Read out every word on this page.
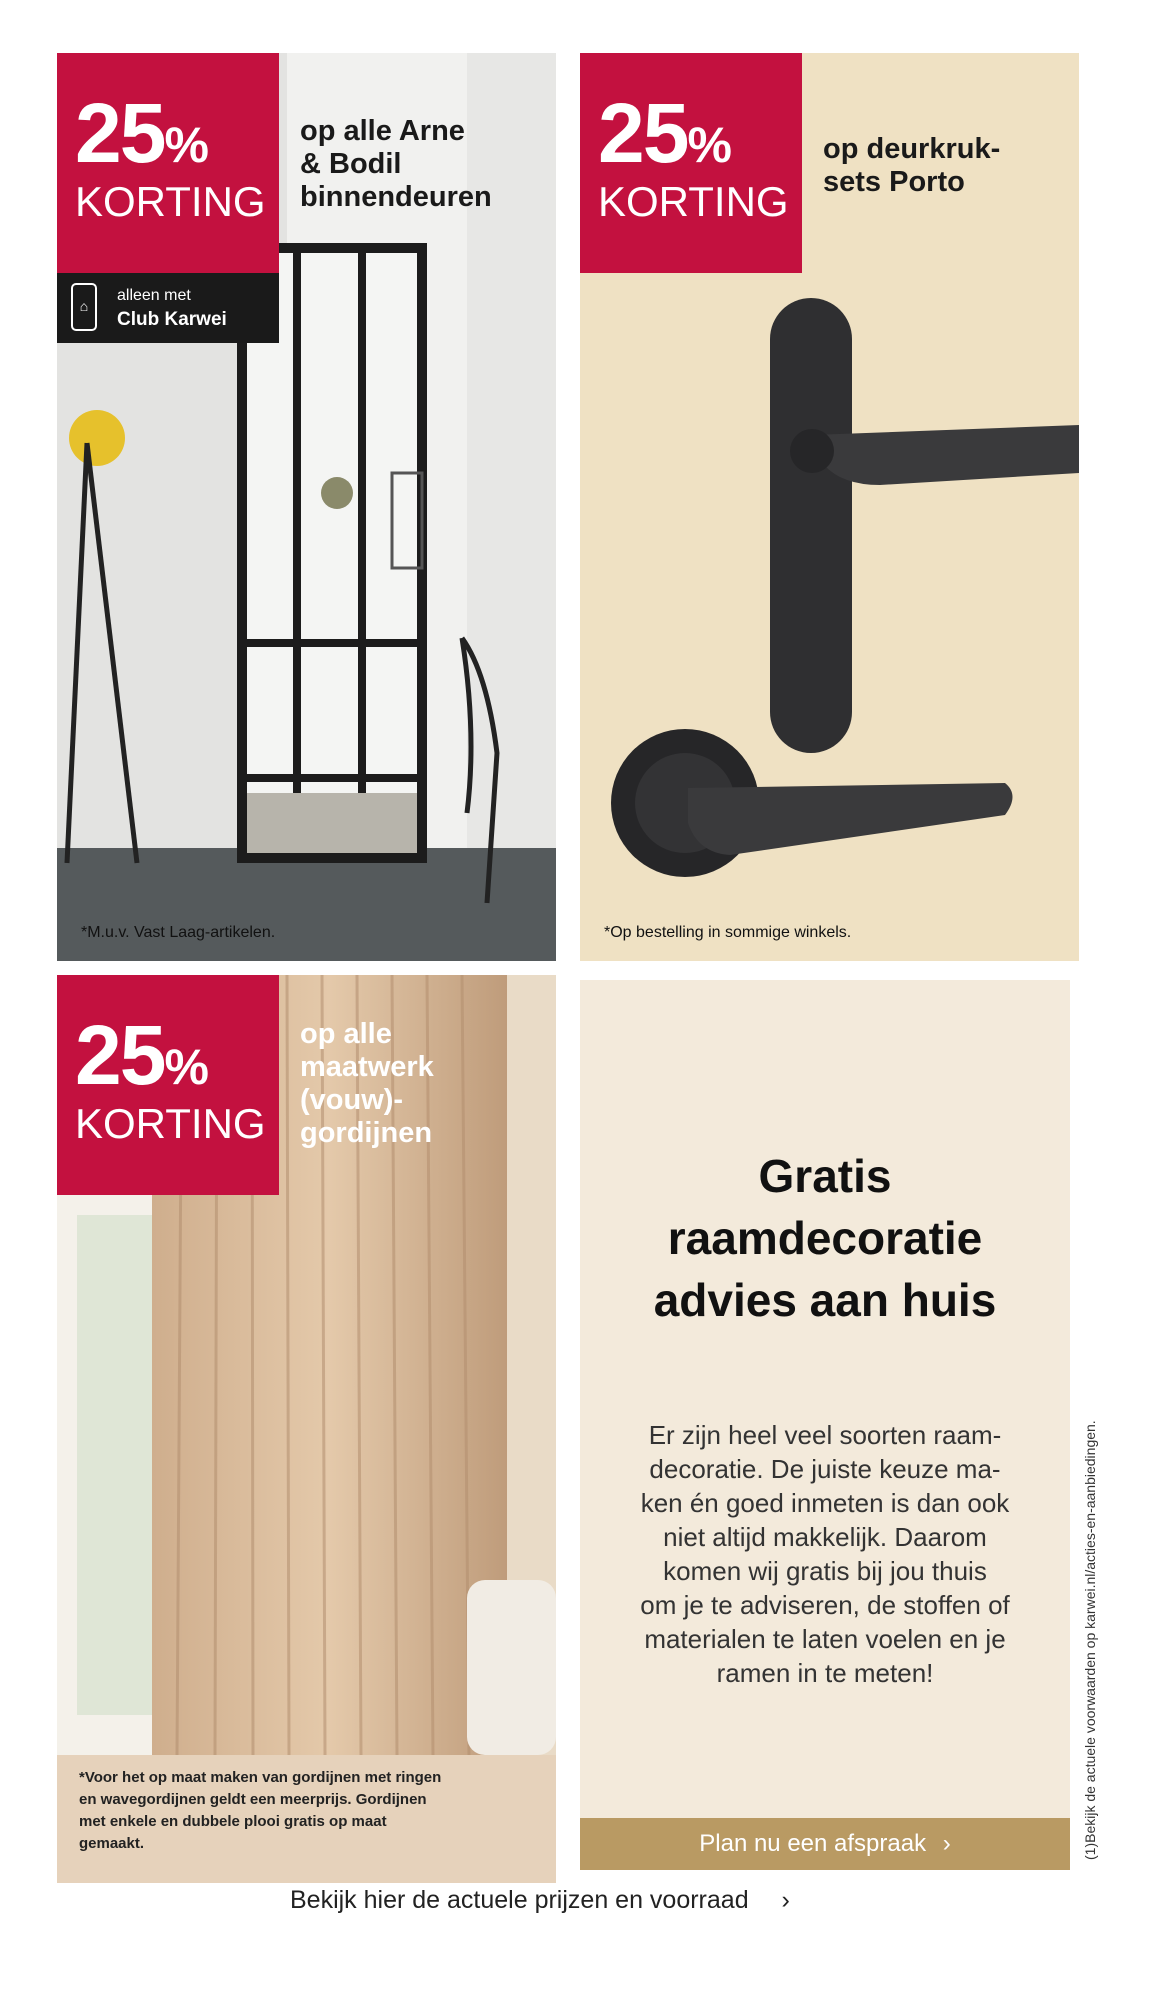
25%
KORTING
op alle Arne
& Bodil
binnendeuren
⌂
alleen met
Club Karwei
*M.u.v. Vast Laag-artikelen.
25%
KORTING
op deurkruk-
sets Porto
*Op bestelling in sommige winkels.
25%
KORTING
op alle
maatwerk
(vouw)-
gordijnen
*Voor het op maat maken van gordijnen met ringen
en wavegordijnen geldt een meerprijs. Gordijnen
met enkele en dubbele plooi gratis op maat
gemaakt.
Gratis
raamdecoratie
advies aan huis
Er zijn heel veel soorten raam-
decoratie. De juiste keuze ma-
ken én goed inmeten is dan ook
niet altijd makkelijk. Daarom
komen wij gratis bij jou thuis
om je te adviseren, de stoffen of
materialen te laten voelen en je
ramen in te meten!
Plan nu een afspraak ›	(1)Bekijk de actuele voorwaarden op karwei.nl/acties-en-aanbiedingen.
Bekijk hier de actuele prijzen en voorraad ›
